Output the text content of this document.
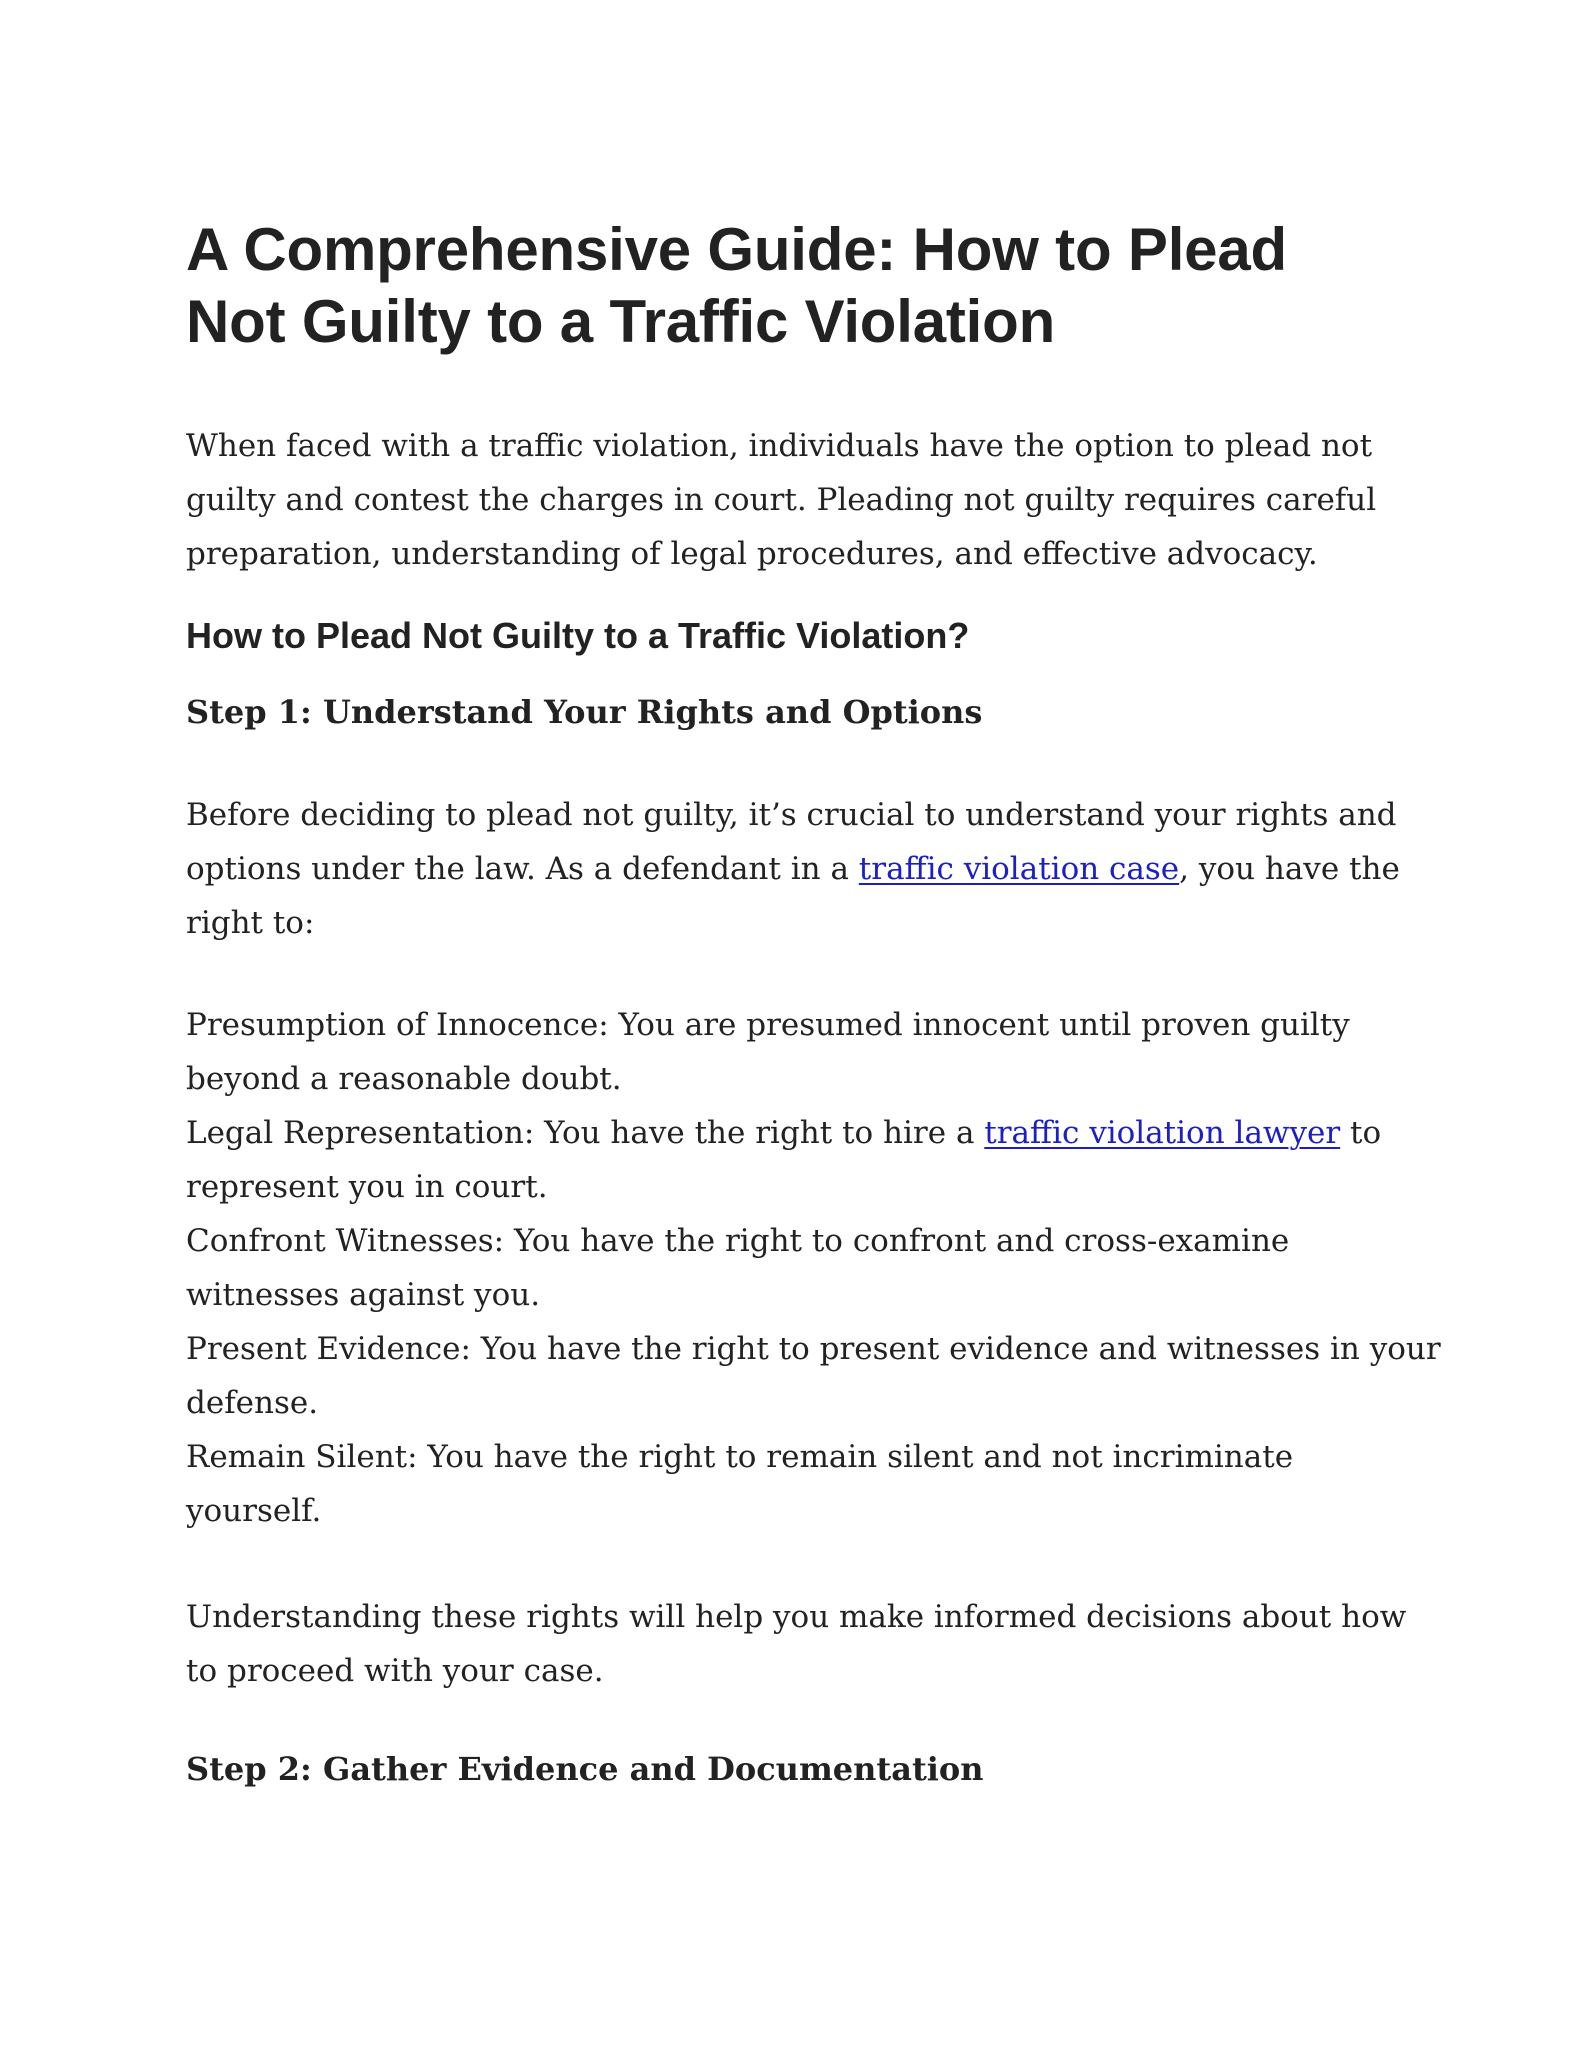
A Comprehensive Guide: How to Plead
Not Guilty to a Traffic Violation

When faced with a traffic violation, individuals have the option to plead not
guilty and contest the charges in court. Pleading not guilty requires careful
preparation, understanding of legal procedures, and effective advocacy.

How to Plead Not Guilty to a Traffic Violation?
Step 1: Understand Your Rights and Options

Before deciding to plead not guilty, it’s crucial to understand your rights and
options under the law. As a defendant in a traffic violation case, you have the
right to:

Presumption of Innocence: You are presumed innocent until proven guilty
beyond a reasonable doubt.
Legal Representation: You have the right to hire a traffic violation lawyer to
represent you in court.
Confront Witnesses: You have the right to confront and cross-examine
witnesses against you.
Present Evidence: You have the right to present evidence and witnesses in your
defense.
Remain Silent: You have the right to remain silent and not incriminate
yourself.

Understanding these rights will help you make informed decisions about how
to proceed with your case.

Step 2: Gather Evidence and Documentation
